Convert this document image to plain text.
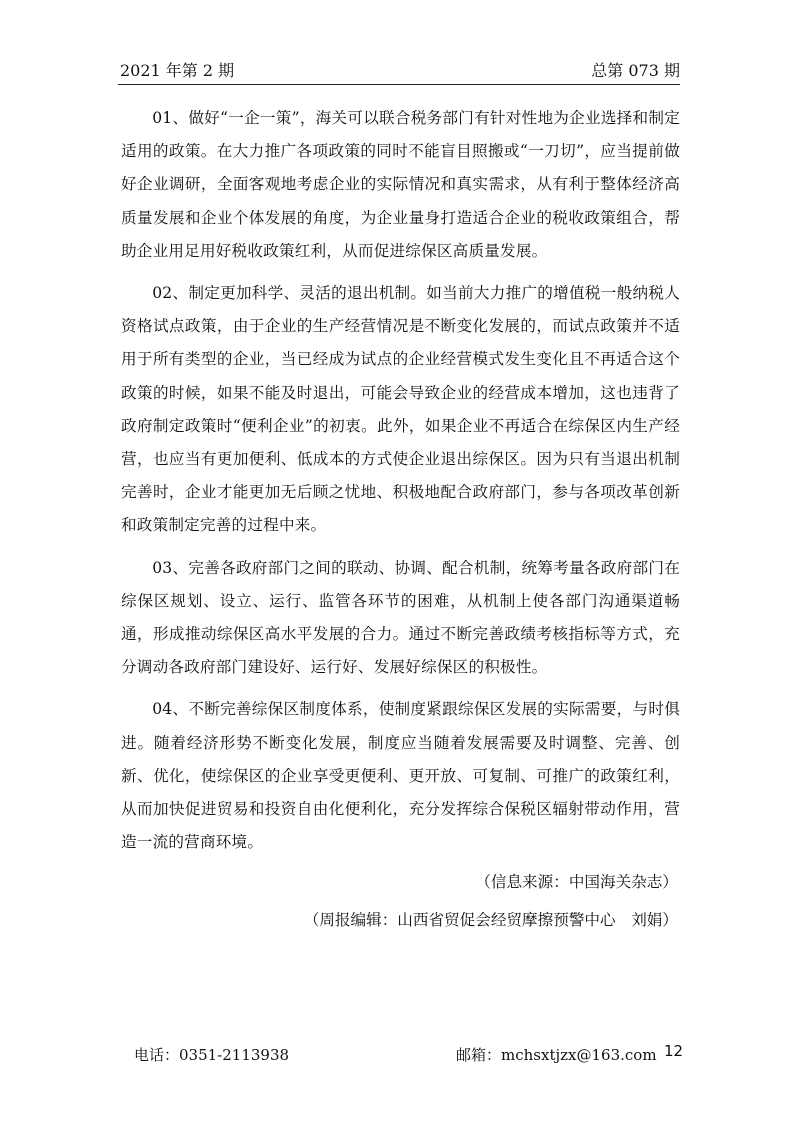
2021 年第 2 期	总第 073 期

01、做好“一企一策”，海关可以联合税务部门有针对性地为企业选择和制定适用的政策。在大力推广各项政策的同时不能盲目照搬或“一刀切”，应当提前做好企业调研，全面客观地考虑企业的实际情况和真实需求，从有利于整体经济高质量发展和企业个体发展的角度，为企业量身打造适合企业的税收政策组合，帮助企业用足用好税收政策红利，从而促进综保区高质量发展。

02、制定更加科学、灵活的退出机制。如当前大力推广的增值税一般纳税人资格试点政策，由于企业的生产经营情况是不断变化发展的，而试点政策并不适用于所有类型的企业，当已经成为试点的企业经营模式发生变化且不再适合这个政策的时候，如果不能及时退出，可能会导致企业的经营成本增加，这也违背了政府制定政策时“便利企业”的初衷。此外，如果企业不再适合在综保区内生产经营，也应当有更加便利、低成本的方式使企业退出综保区。因为只有当退出机制完善时，企业才能更加无后顾之忧地、积极地配合政府部门，参与各项改革创新和政策制定完善的过程中来。

03、完善各政府部门之间的联动、协调、配合机制，统筹考量各政府部门在综保区规划、设立、运行、监管各环节的困难，从机制上使各部门沟通渠道畅通，形成推动综保区高水平发展的合力。通过不断完善政绩考核指标等方式，充分调动各政府部门建设好、运行好、发展好综保区的积极性。

04、不断完善综保区制度体系，使制度紧跟综保区发展的实际需要，与时俱进。随着经济形势不断变化发展，制度应当随着发展需要及时调整、完善、创新、优化，使综保区的企业享受更便利、更开放、可复制、可推广的政策红利，从而加快促进贸易和投资自由化便利化，充分发挥综合保税区辐射带动作用，营造一流的营商环境。

（信息来源：中国海关杂志）

（周报编辑：山西省贸促会经贸摩擦预警中心　刘娟）

电话：0351-2113938	邮箱：mchsxtjzx@163.com 12
